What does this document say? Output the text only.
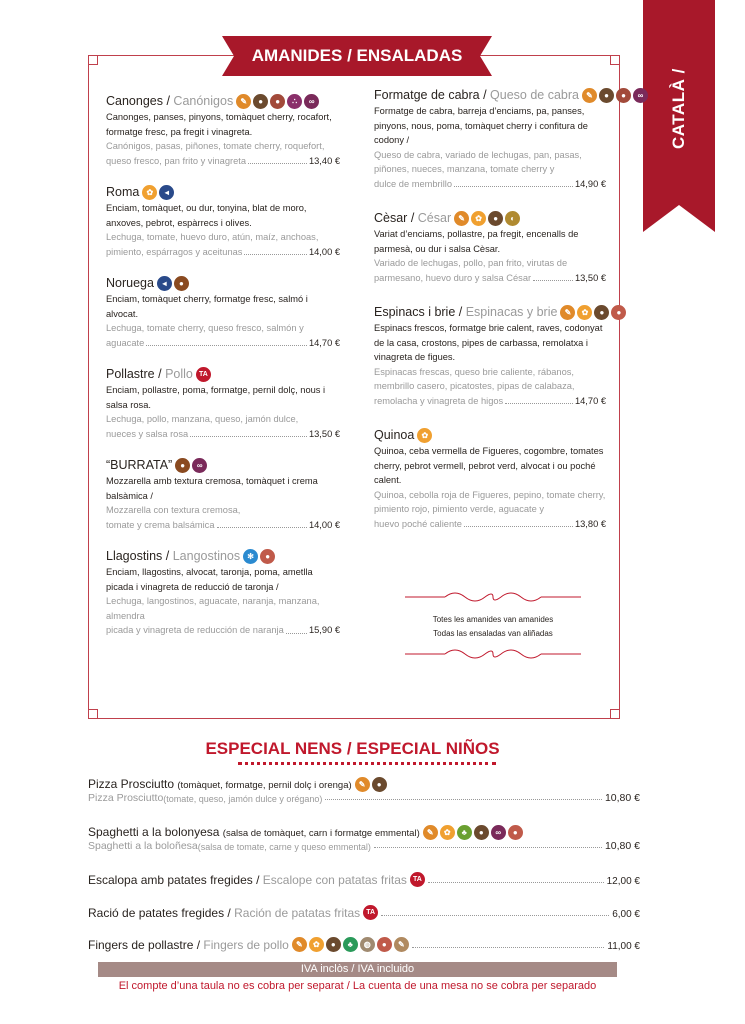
CATALÀ / CASTELLANO
AMANIDES / ENSALADAS
Canonges / Canónigos ✎	●	●	∴	∞
Canonges, panses, pinyons, tomàquet cherry, rocafort, formatge fresc, pa fregit i vinagreta.
Canónigos, pasas, piñones, tomate cherry, roquefort,
queso fresco, pan frito y vinagreta	13,40 €
Roma ✿	◂
Enciam, tomàquet, ou dur, tonyina, blat de moro, anxoves, pebrot, espàrrecs i olives.
Lechuga, tomate, huevo duro, atún, maíz, anchoas,
pimiento, espárragos y aceitunas	14,00 €
Noruega	◂	●
Enciam, tomàquet cherry, formatge fresc, salmó i alvocat.
Lechuga, tomate cherry, queso fresco, salmón y
aguacate	14,70 €
Pollastre / Pollo TA
Enciam, pollastre, poma, formatge, pernil dolç, nous i salsa rosa.
Lechuga, pollo, manzana, queso, jamón dulce,
nueces y salsa rosa	13,50 €
“BURRATA”	●	∞
Mozzarella amb textura cremosa, tomàquet i crema balsàmica /
Mozzarella con textura cremosa,
tomate y crema balsámica	14,00 €
Llagostins / Langostinos ✻	●
Enciam, llagostins, alvocat, taronja, poma, ametlla picada i vinagreta de reducció de taronja /
Lechuga, langostinos, aguacate, naranja, manzana, almendra
picada y vinagreta de reducción de naranja	15,90 €
Formatge de cabra / Queso de cabra ✎	●	●	∞
Formatge de cabra, barreja d’enciams, pa, panses, pinyons, nous, poma, tomàquet cherry i confitura de codony /
Queso de cabra, variado de lechugas, pan, pasas, piñones, nueces, manzana, tomate cherry y
dulce de membrillo	14,90 €
Cèsar / César ✎	✿	●	◐
Variat d’enciams, pollastre, pa fregit, encenalls de parmesà, ou dur i salsa Cèsar.
Variado de lechugas, pollo, pan frito, virutas de
parmesano, huevo duro y salsa César	13,50 €
Espinacs i brie / Espinacas y brie ✎	✿	●	●
Espinacs frescos, formatge brie calent, raves, codonyat de la casa, crostons, pipes de carbassa, remolatxa i vinagreta de figues.
Espinacas frescas, queso brie caliente, rábanos, membrillo casero, picatostes, pipas de calabaza,
remolacha y vinagreta de higos	14,70 €
Quinoa ✿
Quinoa, ceba vermella de Figueres, cogombre, tomates cherry, pebrot vermell, pebrot verd, alvocat i ou poché calent.
Quinoa, cebolla roja de Figueres, pepino, tomate cherry, pimiento rojo, pimiento verde, aguacate y
huevo poché caliente	13,80 €
Totes les amanides van amanides
Todas las ensaladas van aliñadas
ESPECIAL NENS / ESPECIAL NIÑOS
Pizza Prosciutto (tomàquet, formatge, pernil dolç i orenga) ✎	●
Pizza Prosciutto (tomate, queso, jamón dulce y orégano)	10,80 €
Spaghetti a la bolonyesa (salsa de tomàquet, carn i formatge emmental) ✎	✿	♣	●	∞	●
Spaghetti a la boloñesa (salsa de tomate, carne y queso emmental)	10,80 €
Escalopa amb patates fregides / Escalope con patatas fritas TA	12,00 €
Ració de patates fregides / Ración de patatas fritas TA	6,00 €
Fingers de pollastre / Fingers de pollo ✎	✿	●	♣	◍	●	✎	11,00 €
IVA inclòs / IVA incluido
El compte d’una taula no es cobra per separat / La cuenta de una mesa no se cobra per separado
